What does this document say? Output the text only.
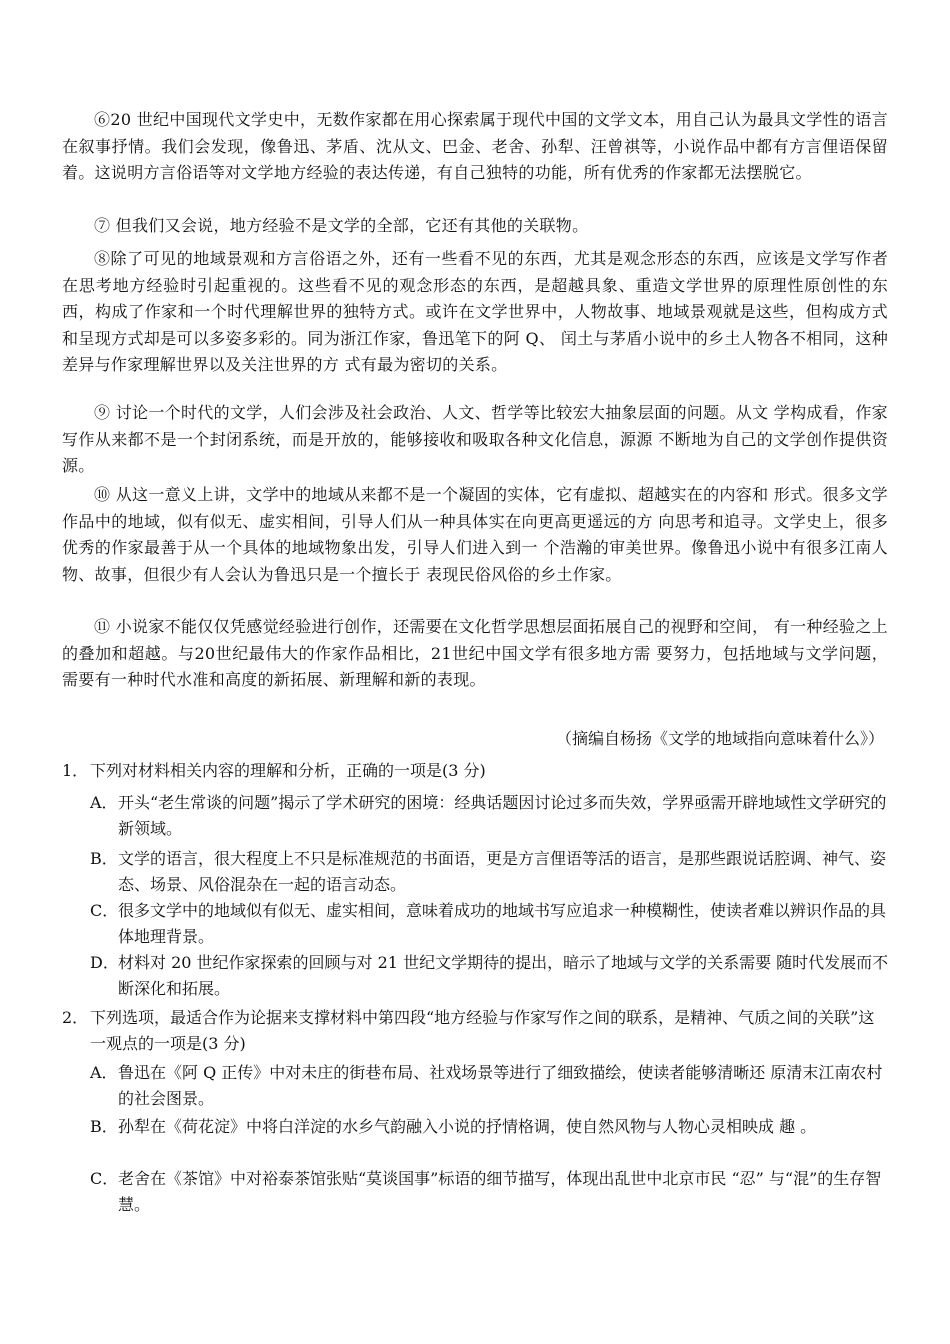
⑥20 世纪中国现代文学史中，无数作家都在用心探索属于现代中国的文学文本，用自己认为最具文学性的语言在叙事抒情。我们会发现，像鲁迅、茅盾、沈从文、巴金、老舍、孙犁、汪曾祺等，小说作品中都有方言俚语保留着。这说明方言俗语等对文学地方经验的表达传递，有自己独特的功能，所有优秀的作家都无法摆脱它。
⑦ 但我们又会说，地方经验不是文学的全部，它还有其他的关联物。
⑧除了可见的地域景观和方言俗语之外，还有一些看不见的东西，尤其是观念形态的东西，应该是文学写作者在思考地方经验时引起重视的。这些看不见的观念形态的东西，是超越具象、重造文学世界的原理性原创性的东西，构成了作家和一个时代理解世界的独特方式。或许在文学世界中，人物故事、地域景观就是这些，但构成方式和呈现方式却是可以多姿多彩的。同为浙江作家，鲁迅笔下的阿 Q、 闰土与茅盾小说中的乡土人物各不相同，这种差异与作家理解世界以及关注世界的方 式有最为密切的关系。
⑨ 讨论一个时代的文学，人们会涉及社会政治、人文、哲学等比较宏大抽象层面的问题。从文 学构成看，作家写作从来都不是一个封闭系统，而是开放的，能够接收和吸取各种文化信息，源源 不断地为自己的文学创作提供资源。
⑩ 从这一意义上讲，文学中的地域从来都不是一个凝固的实体，它有虚拟、超越实在的内容和 形式。很多文学作品中的地域，似有似无、虚实相间，引导人们从一种具体实在向更高更遥远的方 向思考和追寻。文学史上，很多优秀的作家最善于从一个具体的地域物象出发，引导人们进入到一 个浩瀚的审美世界。像鲁迅小说中有很多江南人物、故事，但很少有人会认为鲁迅只是一个擅长于 表现民俗风俗的乡土作家。
⑪ 小说家不能仅仅凭感觉经验进行创作，还需要在文化哲学思想层面拓展自己的视野和空间， 有一种经验之上的叠加和超越。与20世纪最伟大的作家作品相比，21世纪中国文学有很多地方需 要努力，包括地域与文学问题，需要有一种时代水准和高度的新拓展、新理解和新的表现。
（摘编自杨扬《文学的地域指向意味着什么》）
1． 下列对材料相关内容的理解和分析，正确的一项是(3 分)
A． 开头“老生常谈的问题”揭示了学术研究的困境：经典话题因讨论过多而失效，学界亟需开辟地域性文学研究的新领域。
B． 文学的语言，很大程度上不只是标准规范的书面语，更是方言俚语等活的语言，是那些跟说话腔调、神气、姿态、场景、风俗混杂在一起的语言动态。
C． 很多文学中的地域似有似无、虚实相间，意味着成功的地域书写应追求一种模糊性，使读者难以辨识作品的具体地理背景。
D． 材料对 20 世纪作家探索的回顾与对 21 世纪文学期待的提出，暗示了地域与文学的关系需要 随时代发展而不断深化和拓展。
2． 下列选项，最适合作为论据来支撑材料中第四段“地方经验与作家写作之间的联系，是精神、气质之间的关联”这一观点的一项是(3 分)
A． 鲁迅在《阿 Q 正传》中对未庄的街巷布局、社戏场景等进行了细致描绘，使读者能够清晰还 原清末江南农村的社会图景。
B． 孙犁在《荷花淀》中将白洋淀的水乡气韵融入小说的抒情格调，使自然风物与人物心灵相映成 趣 。
C． 老舍在《茶馆》中对裕泰茶馆张贴“莫谈国事”标语的细节描写，体现出乱世中北京市民 “忍” 与“混”的生存智慧。
